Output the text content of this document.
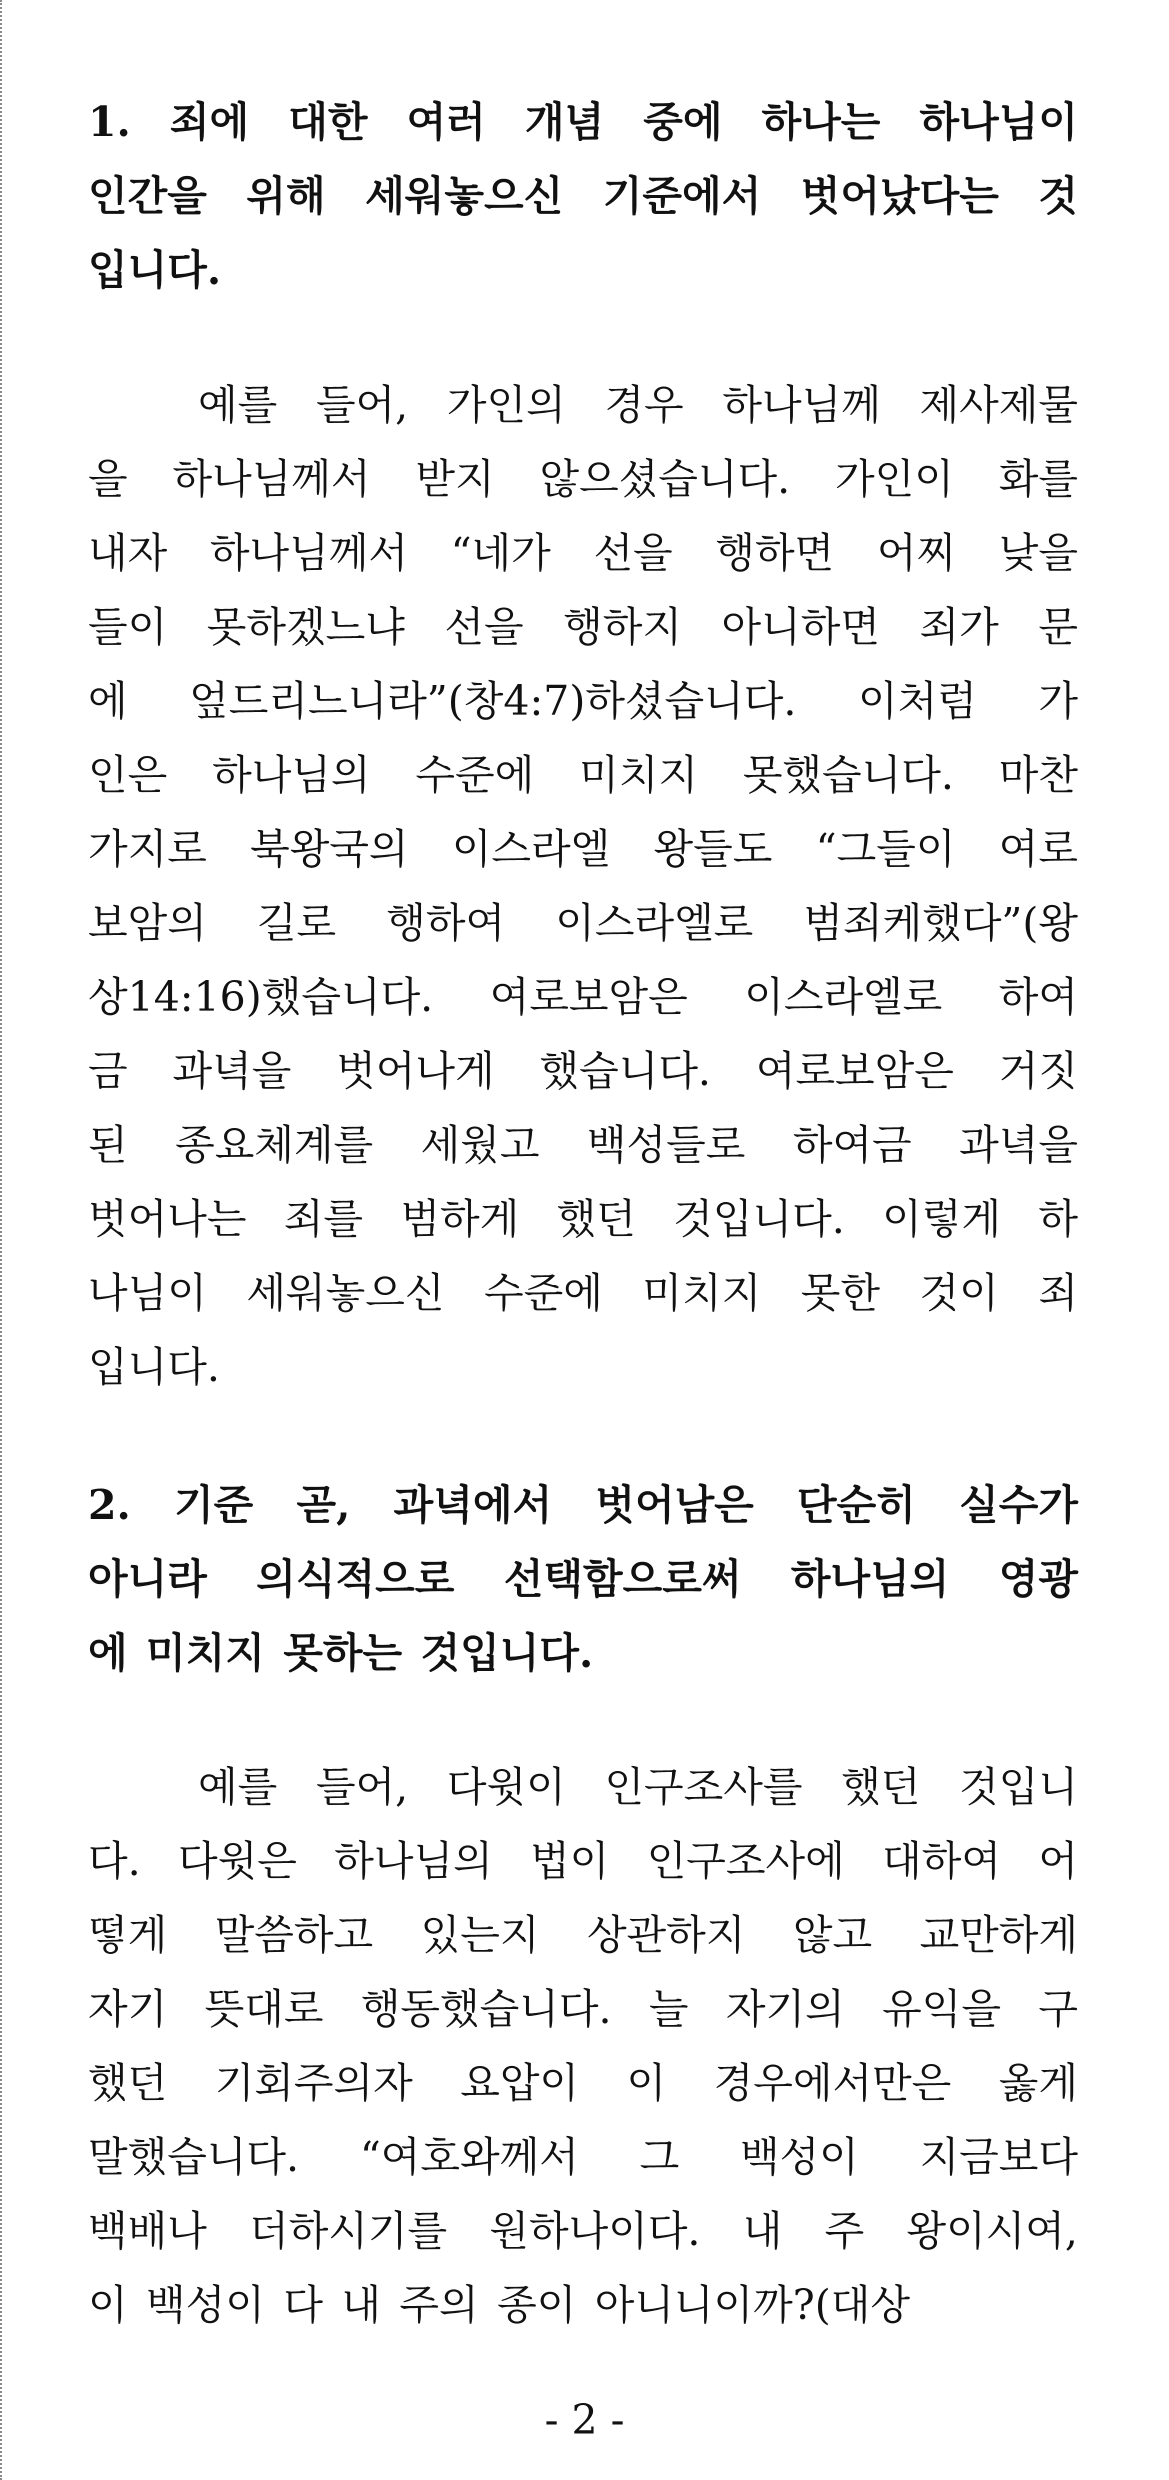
1. 죄에 대한 여러 개념 중에 하나는 하나님이
인간을 위해 세워놓으신 기준에서 벗어났다는 것
입니다.
예를 들어, 가인의 경우 하나님께 제사제물
을 하나님께서 받지 않으셨습니다. 가인이 화를
내자 하나님께서 “네가 선을 행하면 어찌 낮을
들이 못하겠느냐 선을 행하지 아니하면 죄가 문
에 엎드리느니라”(창4:7)하셨습니다. 이처럼 가
인은 하나님의 수준에 미치지 못했습니다. 마찬
가지로 북왕국의 이스라엘 왕들도 “그들이 여로
보암의 길로 행하여 이스라엘로 범죄케했다”(왕
상14:16)했습니다. 여로보암은 이스라엘로 하여
금 과녁을 벗어나게 했습니다. 여로보암은 거짓
된 종요체계를 세웠고 백성들로 하여금 과녁을
벗어나는 죄를 범하게 했던 것입니다. 이렇게 하
나님이 세워놓으신 수준에 미치지 못한 것이 죄
입니다.
2. 기준 곧, 과녁에서 벗어남은 단순히 실수가
아니라 의식적으로 선택함으로써 하나님의 영광
에 미치지 못하는 것입니다.
예를 들어, 다윗이 인구조사를 했던 것입니
다. 다윗은 하나님의 법이 인구조사에 대하여 어
떻게 말씀하고 있는지 상관하지 않고 교만하게
자기 뜻대로 행동했습니다. 늘 자기의 유익을 구
했던 기회주의자 요압이 이 경우에서만은 옳게
말했습니다. “여호와께서 그 백성이 지금보다
백배나 더하시기를 원하나이다. 내 주 왕이시여,
이 백성이 다 내 주의 종이 아니니이까?(대상
- 2 -
